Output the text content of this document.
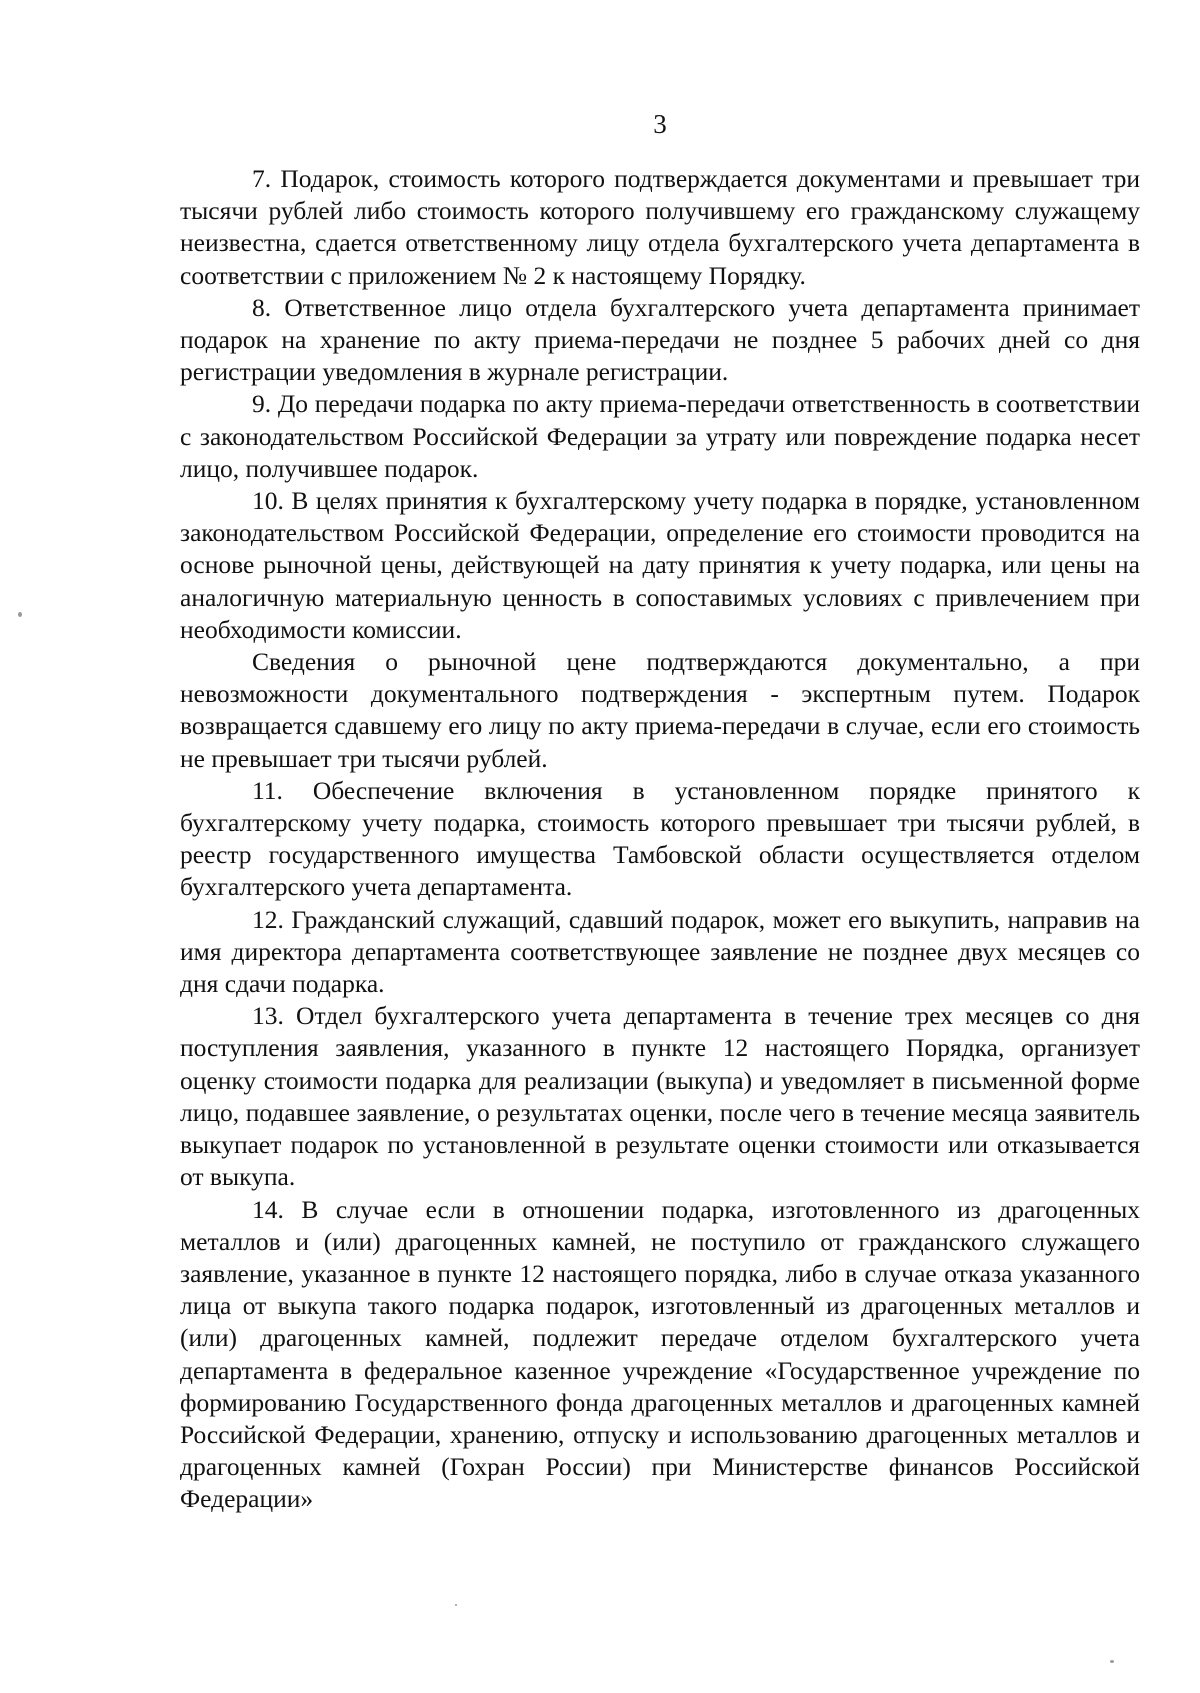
3

7. Подарок, стоимость которого подтверждается документами и превышает три тысячи рублей либо стоимость которого получившему его гражданскому служащему неизвестна, сдается ответственному лицу отдела бухгалтерского учета департамента в соответствии с приложением № 2 к настоящему Порядку.

8. Ответственное лицо отдела бухгалтерского учета департамента принимает подарок на хранение по акту приема-передачи не позднее 5 рабочих дней со дня регистрации уведомления в журнале регистрации.

9. До передачи подарка по акту приема-передачи ответственность в соответствии с законодательством Российской Федерации за утрату или повреждение подарка несет лицо, получившее подарок.

10. В целях принятия к бухгалтерскому учету подарка в порядке, установленном законодательством Российской Федерации, определение его стоимости проводится на основе рыночной цены, действующей на дату принятия к учету подарка, или цены на аналогичную материальную ценность в сопоставимых условиях с привлечением при необходимости комиссии.

Сведения о рыночной цене подтверждаются документально, а при невозможности документального подтверждения - экспертным путем. Подарок возвращается сдавшему его лицу по акту приема-передачи в случае, если его стоимость не превышает три тысячи рублей.

11. Обеспечение включения в установленном порядке принятого к бухгалтерскому учету подарка, стоимость которого превышает три тысячи рублей, в реестр государственного имущества Тамбовской области осуществляется отделом бухгалтерского учета департамента.

12. Гражданский служащий, сдавший подарок, может его выкупить, направив на имя директора департамента соответствующее заявление не позднее двух месяцев со дня сдачи подарка.

13. Отдел бухгалтерского учета департамента в течение трех месяцев со дня поступления заявления, указанного в пункте 12 настоящего Порядка, организует оценку стоимости подарка для реализации (выкупа) и уведомляет в письменной форме лицо, подавшее заявление, о результатах оценки, после чего в течение месяца заявитель выкупает подарок по установленной в результате оценки стоимости или отказывается от выкупа.

14. В случае если в отношении подарка, изготовленного из драгоценных металлов и (или) драгоценных камней, не поступило от гражданского служащего заявление, указанное в пункте 12 настоящего порядка, либо в случае отказа указанного лица от выкупа такого подарка подарок, изготовленный из драгоценных металлов и (или) драгоценных камней, подлежит передаче отделом бухгалтерского учета департамента в федеральное казенное учреждение «Государственное учреждение по формированию Государственного фонда драгоценных металлов и драгоценных камней Российской Федерации, хранению, отпуску и использованию драгоценных металлов и драгоценных камней (Гохран России) при Министерстве финансов Российской Федерации»
